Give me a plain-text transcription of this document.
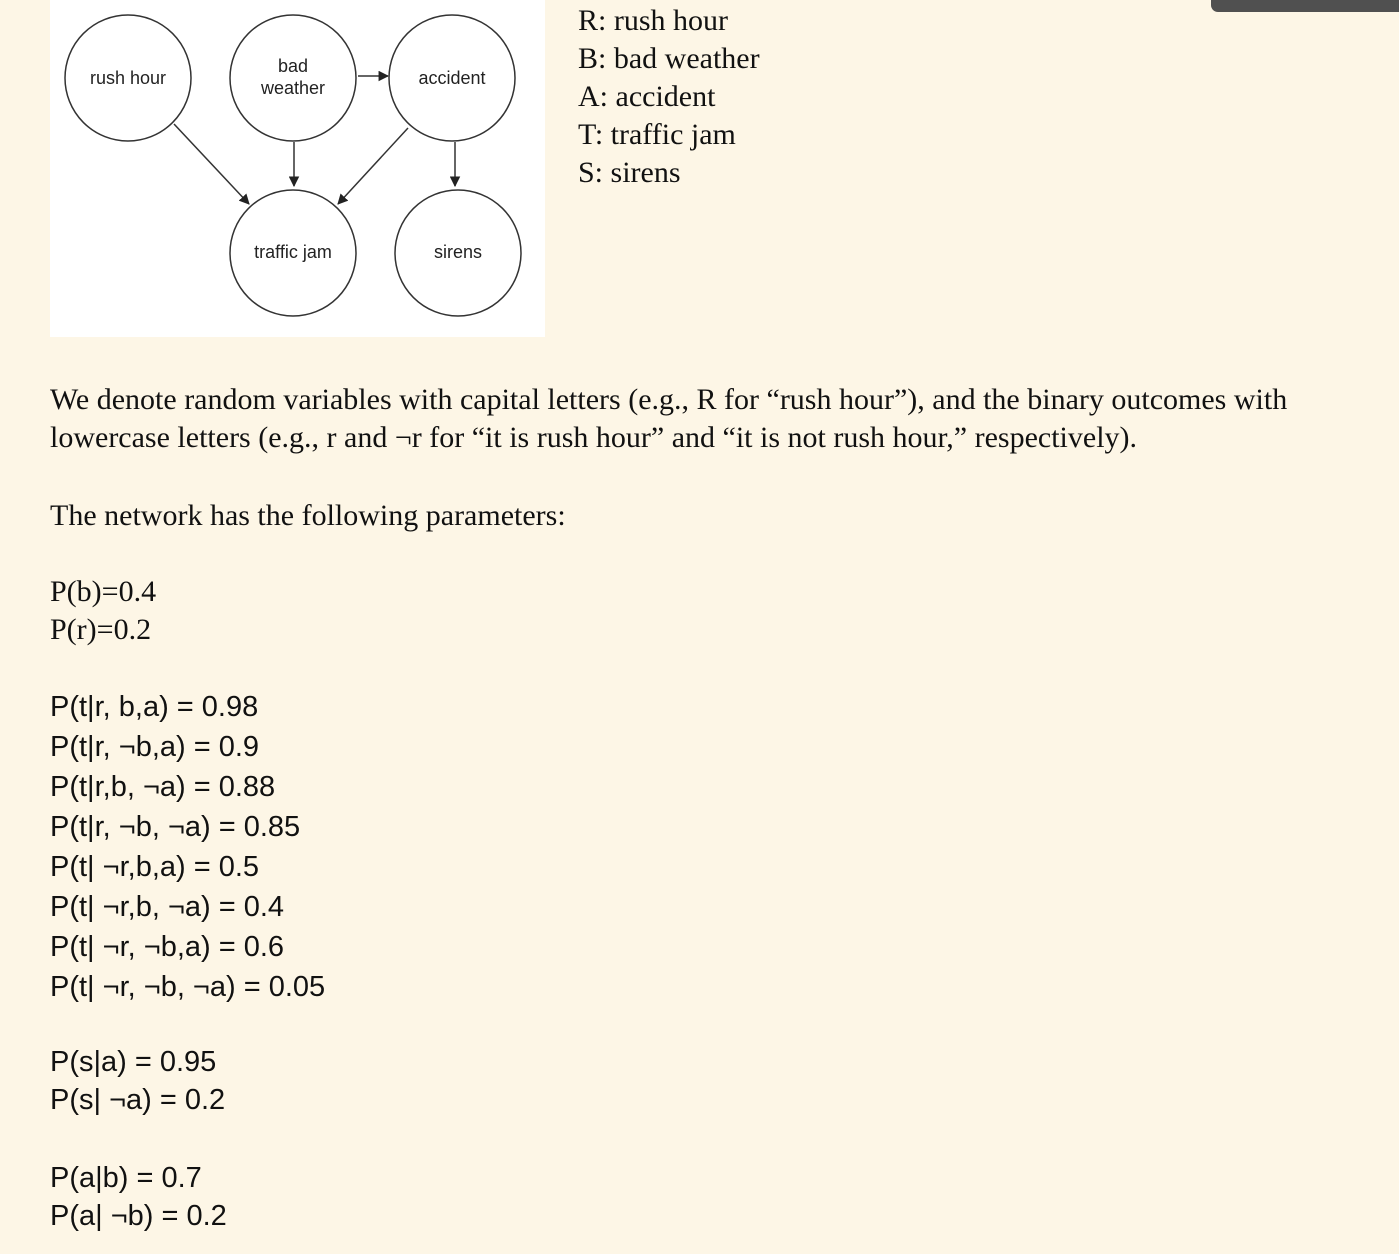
rush hour
bad
weather	accident
traffic jam	sirens
R: rush hour
B: bad weather
A: accident
T: traffic jam
S: sirens

We denote random variables with capital letters (e.g., R for “rush hour”), and the binary outcomes with
lowercase letters (e.g., r and ¬r for “it is rush hour” and “it is not rush hour,” respectively).

The network has the following parameters:

P(b)=0.4
P(r)=0.2
P(t|r, b,a) = 0.98
P(t|r, ¬b,a) = 0.9
P(t|r,b, ¬a) = 0.88
P(t|r, ¬b, ¬a) = 0.85
P(t| ¬r,b,a) = 0.5
P(t| ¬r,b, ¬a) = 0.4
P(t| ¬r, ¬b,a) = 0.6
P(t| ¬r, ¬b, ¬a) = 0.05
P(s|a) = 0.95
P(s| ¬a) = 0.2
P(a|b) = 0.7
P(a| ¬b) = 0.2
